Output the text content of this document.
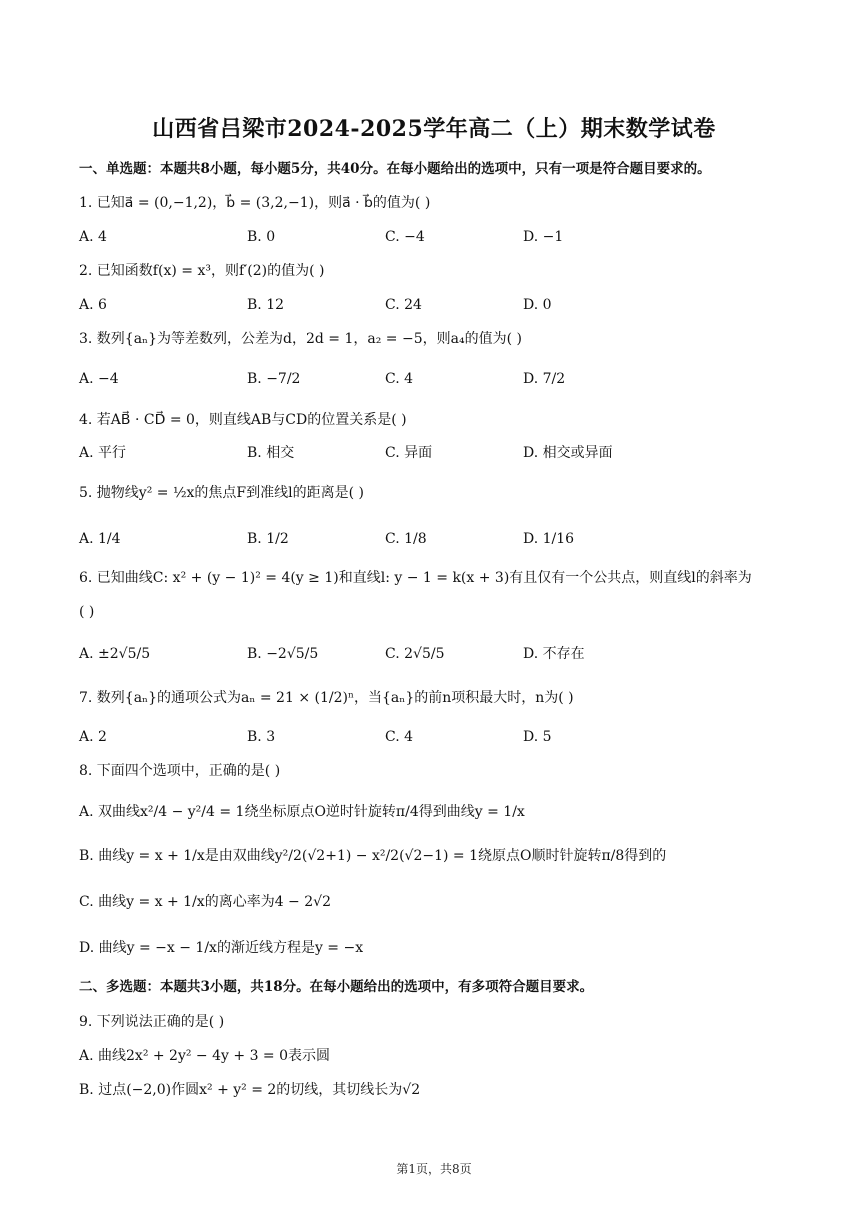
山西省吕梁市2024-2025学年高二（上）期末数学试卷
一、单选题：本题共8小题，每小题5分，共40分。在每小题给出的选项中，只有一项是符合题目要求的。
1. 已知a⃗ = (0,−1,2)，b⃗ = (3,2,−1)，则a⃗ · b⃗的值为( )
A. 4	B. 0	C. −4	D. −1
2. 已知函数f(x) = x³，则f′(2)的值为( )
A. 6	B. 12	C. 24	D. 0
3. 数列{aₙ}为等差数列，公差为d，2d = 1，a₂ = −5，则a₄的值为( )
A. −4	B. −7/2	C. 4	D. 7/2
4. 若AB⃗ · CD⃗ = 0，则直线AB与CD的位置关系是( )
A. 平行	B. 相交	C. 异面	D. 相交或异面
5. 抛物线y² = ½x的焦点F到准线l的距离是( )
A. 1/4	B. 1/2	C. 1/8	D. 1/16
6. 已知曲线C: x² + (y − 1)² = 4(y ≥ 1)和直线l: y − 1 = k(x + 3)有且仅有一个公共点，则直线l的斜率为
( )
A. ±2√5/5	B. −2√5/5	C. 2√5/5	D. 不存在
7. 数列{aₙ}的通项公式为aₙ = 21 × (1/2)ⁿ，当{aₙ}的前n项积最大时，n为( )
A. 2	B. 3	C. 4	D. 5
8. 下面四个选项中，正确的是( )
A. 双曲线x²/4 − y²/4 = 1绕坐标原点O逆时针旋转π/4得到曲线y = 1/x
B. 曲线y = x + 1/x是由双曲线y²/2(√2+1) − x²/2(√2−1) = 1绕原点O顺时针旋转π/8得到的
C. 曲线y = x + 1/x的离心率为4 − 2√2
D. 曲线y = −x − 1/x的渐近线方程是y = −x
二、多选题：本题共3小题，共18分。在每小题给出的选项中，有多项符合题目要求。
9. 下列说法正确的是( )
A. 曲线2x² + 2y² − 4y + 3 = 0表示圆
B. 过点(−2,0)作圆x² + y² = 2的切线，其切线长为√2
第1页，共8页
